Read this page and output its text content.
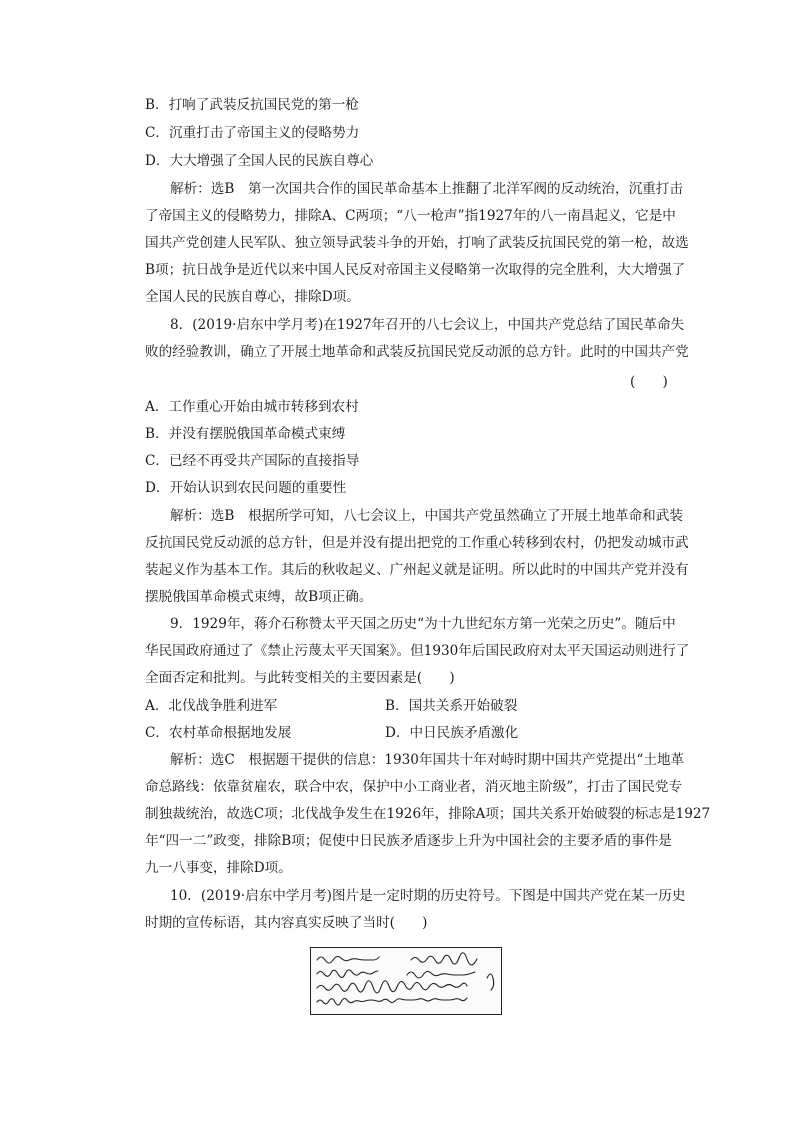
B．打响了武装反抗国民党的第一枪
C．沉重打击了帝国主义的侵略势力
D．大大增强了全国人民的民族自尊心
解析：选B　第一次国共合作的国民革命基本上推翻了北洋军阀的反动统治，沉重打击
了帝国主义的侵略势力，排除A、C两项；“八一枪声”指1927年的八一南昌起义，它是中
国共产党创建人民军队、独立领导武装斗争的开始，打响了武装反抗国民党的第一枪，故选
B项；抗日战争是近代以来中国人民反对帝国主义侵略第一次取得的完全胜利，大大增强了
全国人民的民族自尊心，排除D项。
8．(2019·启东中学月考)在1927年召开的八七会议上，中国共产党总结了国民革命失
败的经验教训，确立了开展土地革命和武装反抗国民党反动派的总方针。此时的中国共产党
(　　)
A．工作重心开始由城市转移到农村
B．并没有摆脱俄国革命模式束缚
C．已经不再受共产国际的直接指导
D．开始认识到农民问题的重要性
解析：选B　根据所学可知，八七会议上，中国共产党虽然确立了开展土地革命和武装
反抗国民党反动派的总方针，但是并没有提出把党的工作重心转移到农村，仍把发动城市武
装起义作为基本工作。其后的秋收起义、广州起义就是证明。所以此时的中国共产党并没有
摆脱俄国革命模式束缚，故B项正确。
9．1929年，蒋介石称赞太平天国之历史“为十九世纪东方第一光荣之历史”。随后中
华民国政府通过了《禁止污蔑太平天国案》。但1930年后国民政府对太平天国运动则进行了
全面否定和批判。与此转变相关的主要因素是(　　)
A．北伐战争胜利进军	B．国共关系开始破裂
C．农村革命根据地发展	D．中日民族矛盾激化
解析：选C　根据题干提供的信息：1930年国共十年对峙时期中国共产党提出“土地革
命总路线：依靠贫雇农，联合中农，保护中小工商业者，消灭地主阶级”，打击了国民党专
制独裁统治，故选C项；北伐战争发生在1926年，排除A项；国共关系开始破裂的标志是1927
年“四一二”政变，排除B项；促使中日民族矛盾逐步上升为中国社会的主要矛盾的事件是
九一八事变，排除D项。
10．(2019·启东中学月考)图片是一定时期的历史符号。下图是中国共产党在某一历史
时期的宣传标语，其内容真实反映了当时(　　)
